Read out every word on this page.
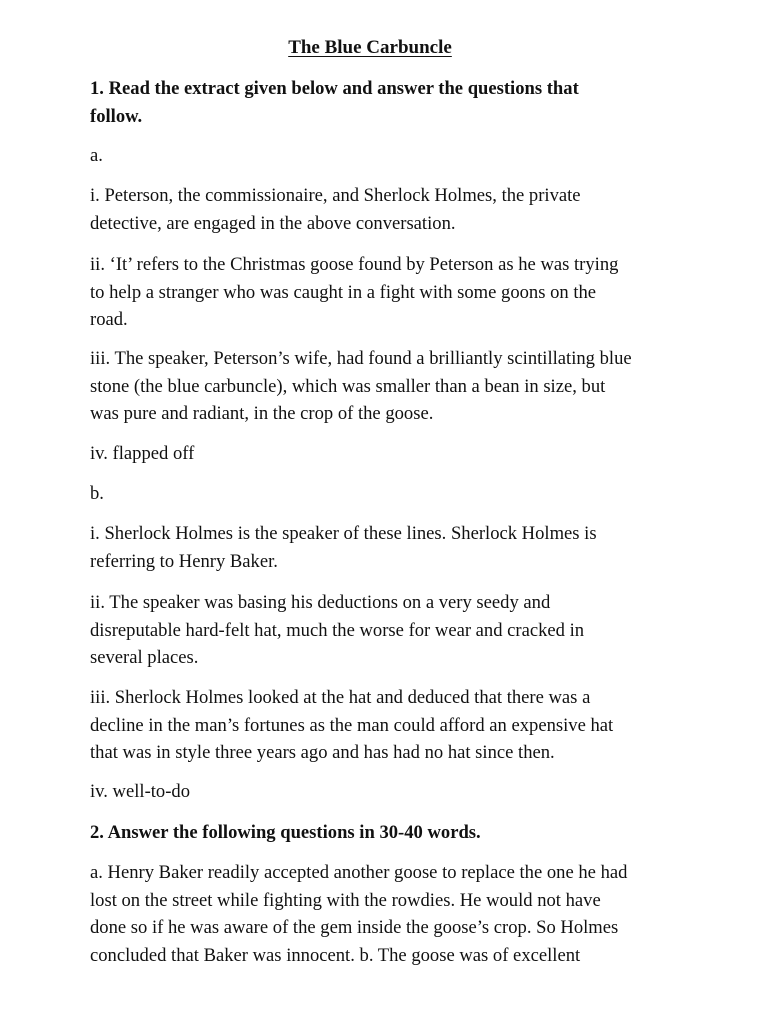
The Blue Carbuncle

1. Read the extract given below and answer the questions that
follow.

a.

i. Peterson, the commissionaire, and Sherlock Holmes, the private
detective, are engaged in the above conversation.

ii. ‘It’ refers to the Christmas goose found by Peterson as he was trying
to help a stranger who was caught in a fight with some goons on the
road.

iii. The speaker, Peterson’s wife, had found a brilliantly scintillating blue
stone (the blue carbuncle), which was smaller than a bean in size, but
was pure and radiant, in the crop of the goose.

iv. flapped off

b.

i. Sherlock Holmes is the speaker of these lines. Sherlock Holmes is
referring to Henry Baker.

ii. The speaker was basing his deductions on a very seedy and
disreputable hard-felt hat, much the worse for wear and cracked in
several places.

iii. Sherlock Holmes looked at the hat and deduced that there was a
decline in the man’s fortunes as the man could afford an expensive hat
that was in style three years ago and has had no hat since then.

iv. well-to-do

2. Answer the following questions in 30-40 words.

a. Henry Baker readily accepted another goose to replace the one he had
lost on the street while fighting with the rowdies. He would not have
done so if he was aware of the gem inside the goose’s crop. So Holmes
concluded that Baker was innocent. b. The goose was of excellent
